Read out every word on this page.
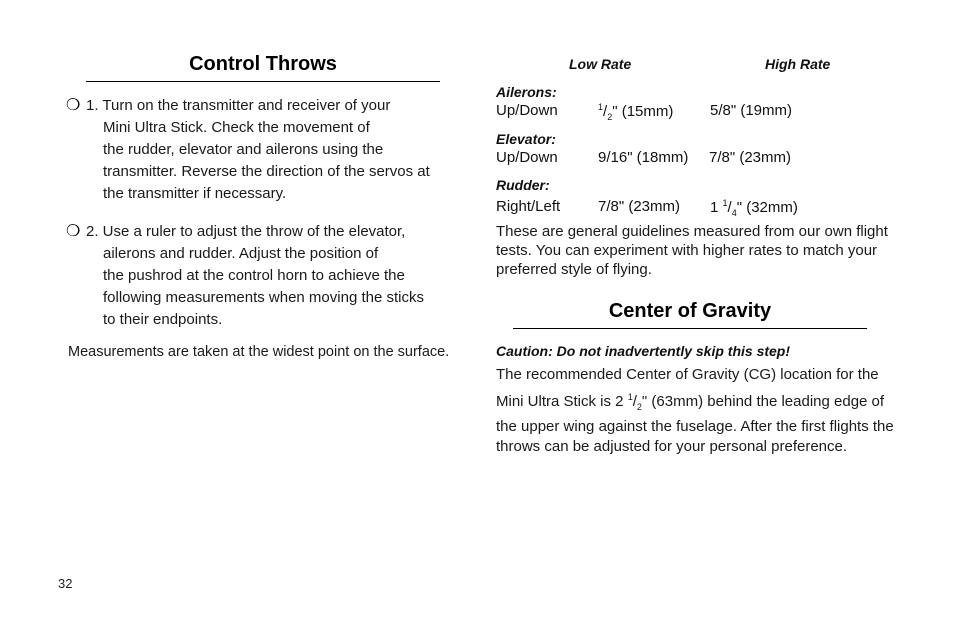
Control Throws
❍ 1. Turn on the transmitter and receiver of your
Mini Ultra Stick. Check the movement of
the rudder, elevator and ailerons using the
transmitter. Reverse the direction of the servos at
the transmitter if necessary.
❍ 2. Use a ruler to adjust the throw of the elevator,
ailerons and rudder. Adjust the position of
the pushrod at the control horn to achieve the
following measurements when moving the sticks
to their endpoints.
Measurements are taken at the widest point on the surface.
Low Rate	High Rate
Ailerons:
Up/Down	$^1/_2$" (15mm) 5/8" (19mm)
Elevator:
Up/Down	9/16" (18mm) 7/8" (23mm)
Rudder:
Right/Left	7/8" (23mm) 1 $^1/_4$" (32mm)
These are general guidelines measured from our own flight
tests. You can experiment with higher rates to match your
preferred style of flying.
Center of Gravity
Caution: Do not inadvertently skip this step!
The recommended Center of Gravity (CG) location for the
Mini Ultra Stick is 2 $^1/_2$" (63mm) behind the leading edge of
the upper wing against the fuselage. After the first flights the
throws can be adjusted for your personal preference.
32
